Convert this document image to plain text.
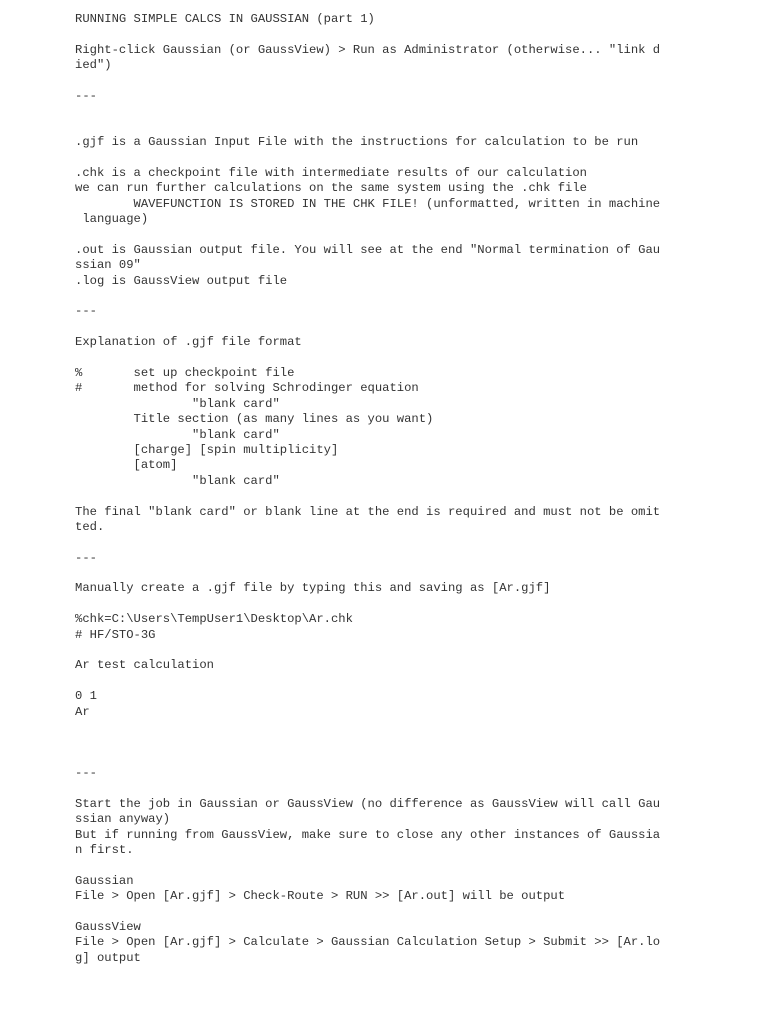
RUNNING SIMPLE CALCS IN GAUSSIAN (part 1)
Right-click Gaussian (or GaussView) > Run as Administrator (otherwise... "link d
ied")
---
.gjf is a Gaussian Input File with the instructions for calculation to be run
.chk is a checkpoint file with intermediate results of our calculation
we can run further calculations on the same system using the .chk file
WAVEFUNCTION IS STORED IN THE CHK FILE! (unformatted, written in machine
language)
.out is Gaussian output file. You will see at the end "Normal termination of Gau
ssian 09"
.log is GaussView output file
---
Explanation of .gjf file format
%       set up checkpoint file
#       method for solving Schrodinger equation
"blank card"
Title section (as many lines as you want)
"blank card"
[charge] [spin multiplicity]
[atom]
"blank card"
The final "blank card" or blank line at the end is required and must not be omit
ted.
---
Manually create a .gjf file by typing this and saving as [Ar.gjf]
%chk=C:\Users\TempUser1\Desktop\Ar.chk
# HF/STO-3G
Ar test calculation
0 1
Ar
---
Start the job in Gaussian or GaussView (no difference as GaussView will call Gau
ssian anyway)
But if running from GaussView, make sure to close any other instances of Gaussia
n first.
Gaussian
File > Open [Ar.gjf] > Check-Route > RUN >> [Ar.out] will be output
GaussView
File > Open [Ar.gjf] > Calculate > Gaussian Calculation Setup > Submit >> [Ar.lo
g] output
